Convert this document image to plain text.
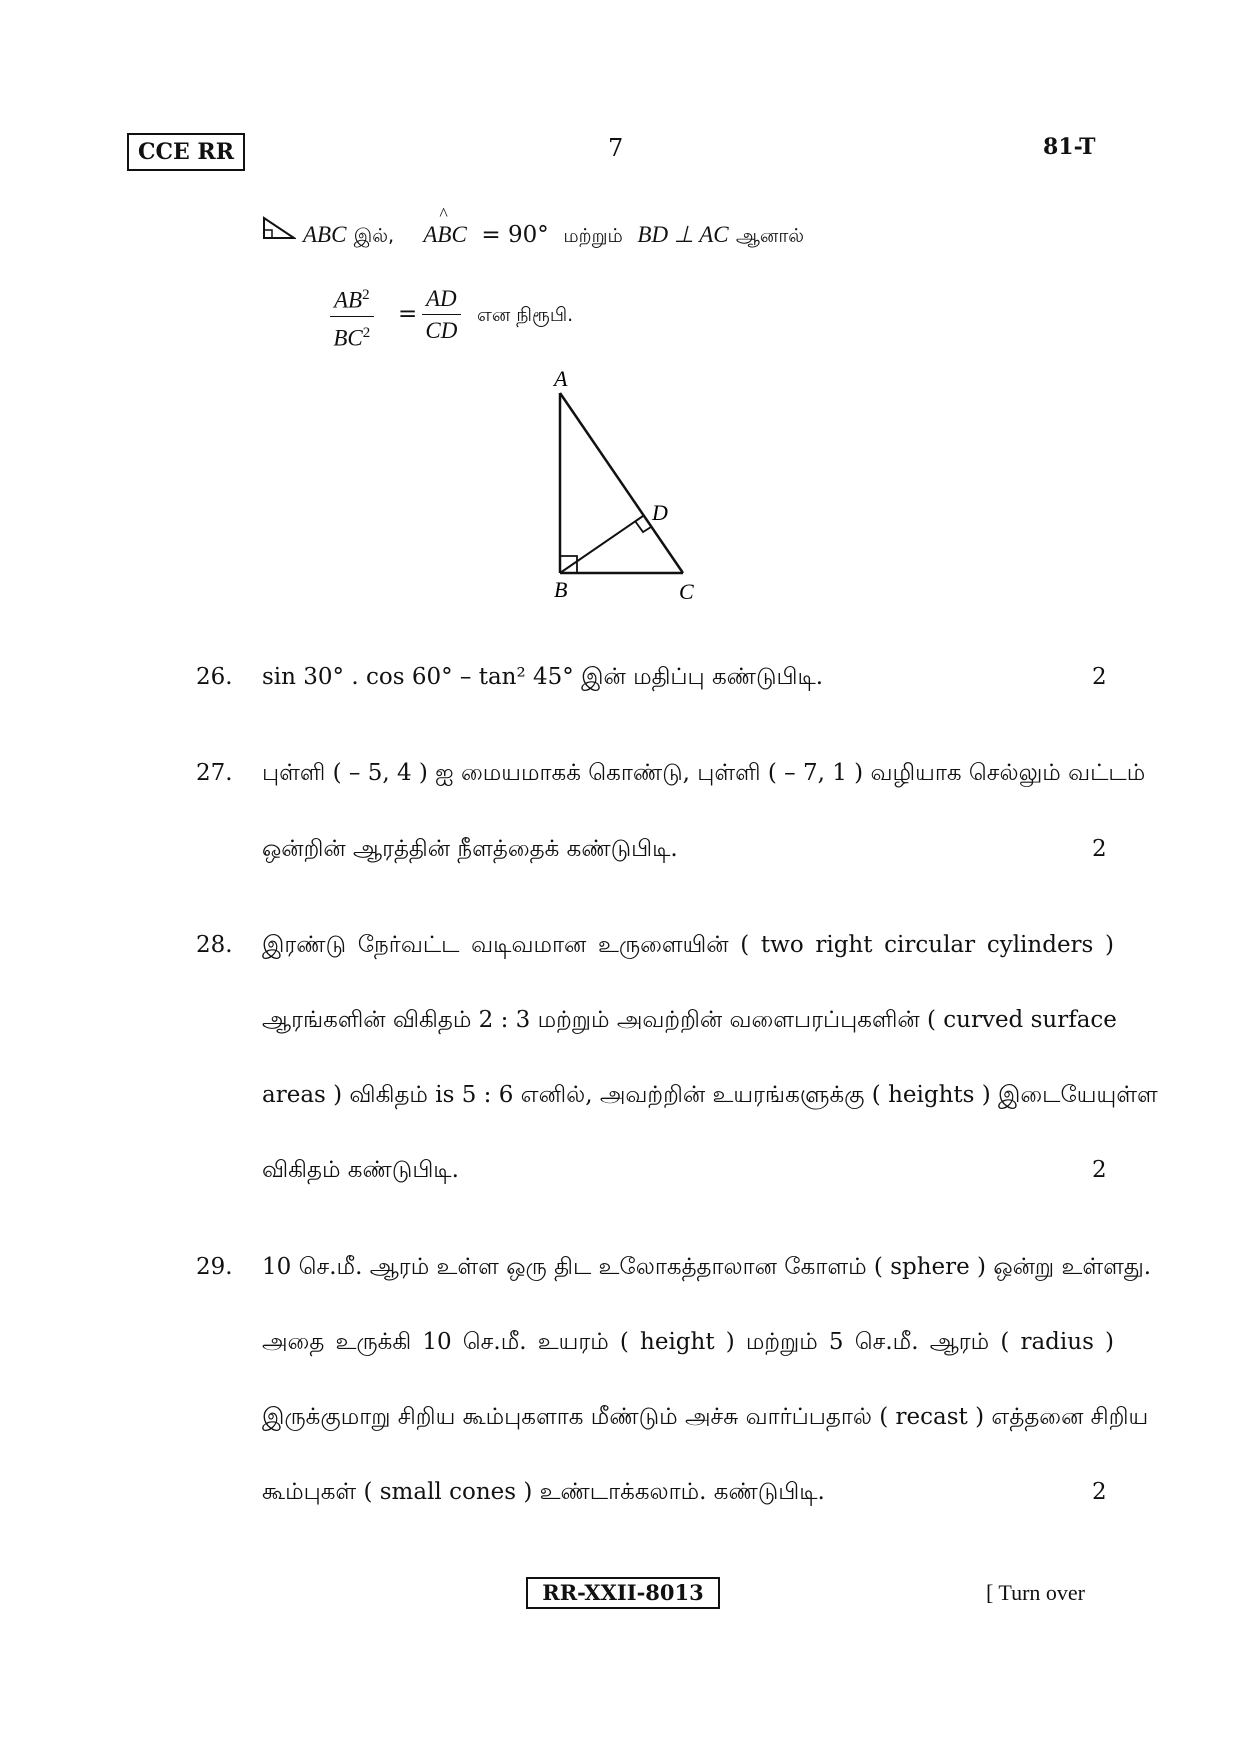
CCE RR	7	81-T
ABC இல், A
^
BC = 90° மற்றும் BD ⊥ AC ஆனால்
$\frac{AB^2}{BC^2} = \frac{AD}{CD}$ என நிரூபி.
A
B	C
D
26. sin 30° . cos 60° – tan² 45° இன் மதிப்பு கண்டுபிடி.	2
27. புள்ளி ( – 5, 4 ) ஐ மையமாகக் கொண்டு, புள்ளி ( – 7, 1 ) வழியாக செல்லும் வட்டம்
ஒன்றின் ஆரத்தின் நீளத்தைக் கண்டுபிடி.	2
28. இரண்டு நேர்வட்ட வடிவமான உருளையின் ( two right circular cylinders )
ஆரங்களின் விகிதம் 2 : 3 மற்றும் அவற்றின் வளைபரப்புகளின் ( curved surface
areas ) விகிதம் is 5 : 6 எனில், அவற்றின் உயரங்களுக்கு ( heights ) இடையேயுள்ள
விகிதம் கண்டுபிடி.	2
29. 10 செ.மீ. ஆரம் உள்ள ஒரு திட உலோகத்தாலான கோளம் ( sphere ) ஒன்று உள்ளது.
அதை உருக்கி 10 செ.மீ. உயரம் ( height ) மற்றும் 5 செ.மீ. ஆரம் ( radius )
இருக்குமாறு சிறிய கூம்புகளாக மீண்டும் அச்சு வார்ப்பதால் ( recast ) எத்தனை சிறிய
கூம்புகள் ( small cones ) உண்டாக்கலாம். கண்டுபிடி.	2
RR-XXII-8013	[ Turn over
